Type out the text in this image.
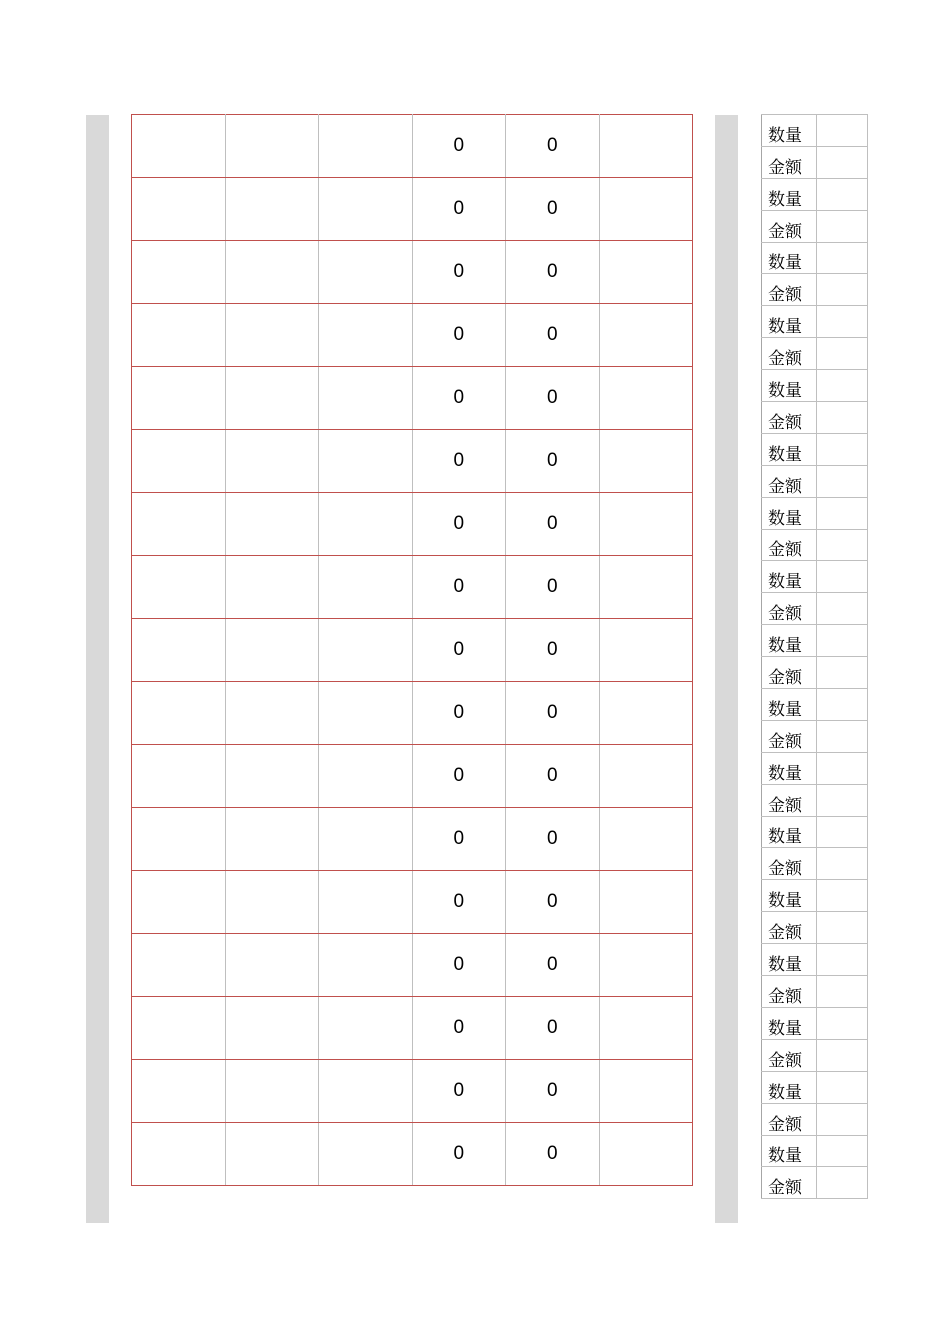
			0	0	
			0	0	
			0	0	
			0	0	
			0	0	
			0	0	
			0	0	
			0	0	
			0	0	
			0	0	
			0	0	
			0	0	
			0	0	
			0	0	
			0	0	
			0	0	
			0	0	
数量	
金额	
数量	
金额	
数量	
金额	
数量	
金额	
数量	
金额	
数量	
金额	
数量	
金额	
数量	
金额	
数量	
金额	
数量	
金额	
数量	
金额	
数量	
金额	
数量	
金额	
数量	
金额	
数量	
金额	
数量	
金额	
数量	
金额	
